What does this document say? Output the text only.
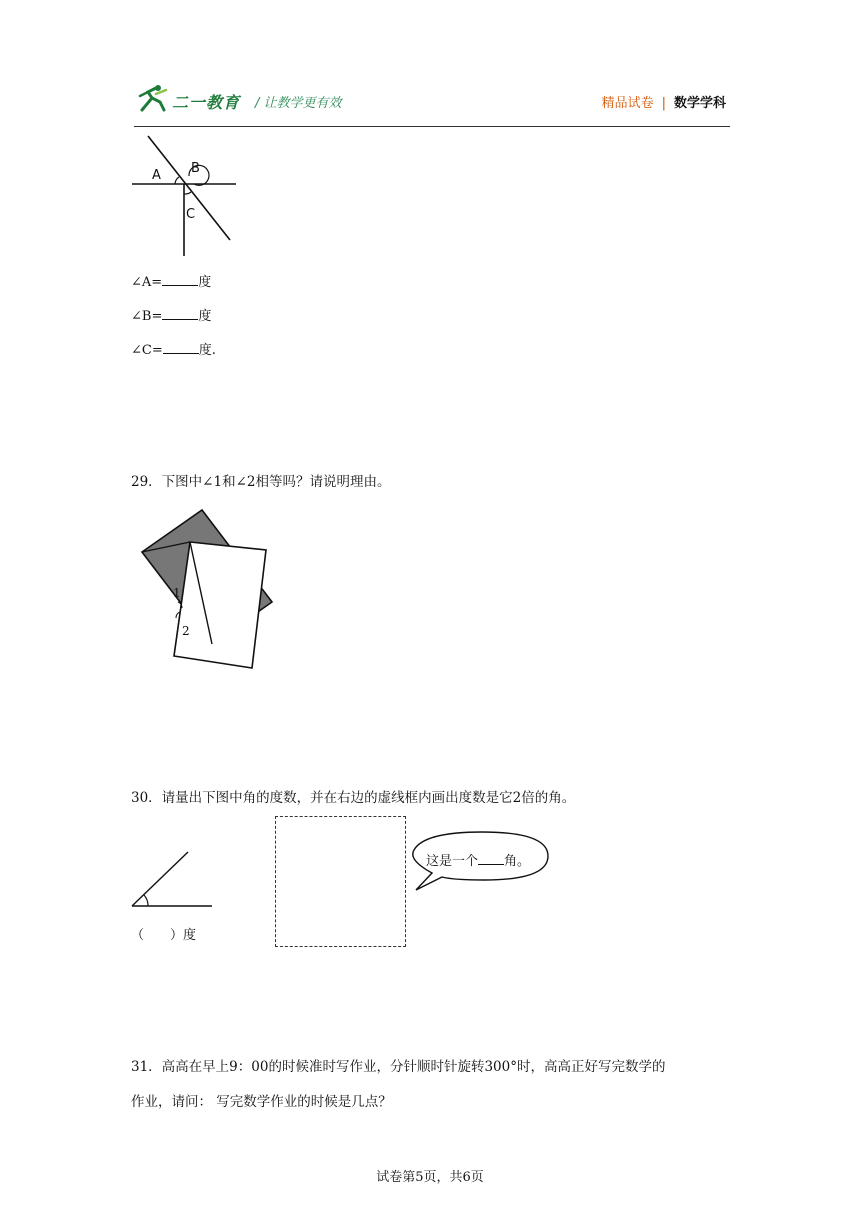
二一教育 / 让教学更有效	精品试卷 | 数学学科
A B
C
∠A=	度
∠B=	度
∠C=	度.
29．下图中∠1和∠2相等吗？请说明理由。
1
2
30．请量出下图中角的度数，并在右边的虚线框内画出度数是它2倍的角。
（　　）度
这是一个 角。
31．高高在早上9：00的时候准时写作业，分针顺时针旋转300°时，高高正好写完数学的
作业，请问： 写完数学作业的时候是几点？
试卷第5页，共6页
